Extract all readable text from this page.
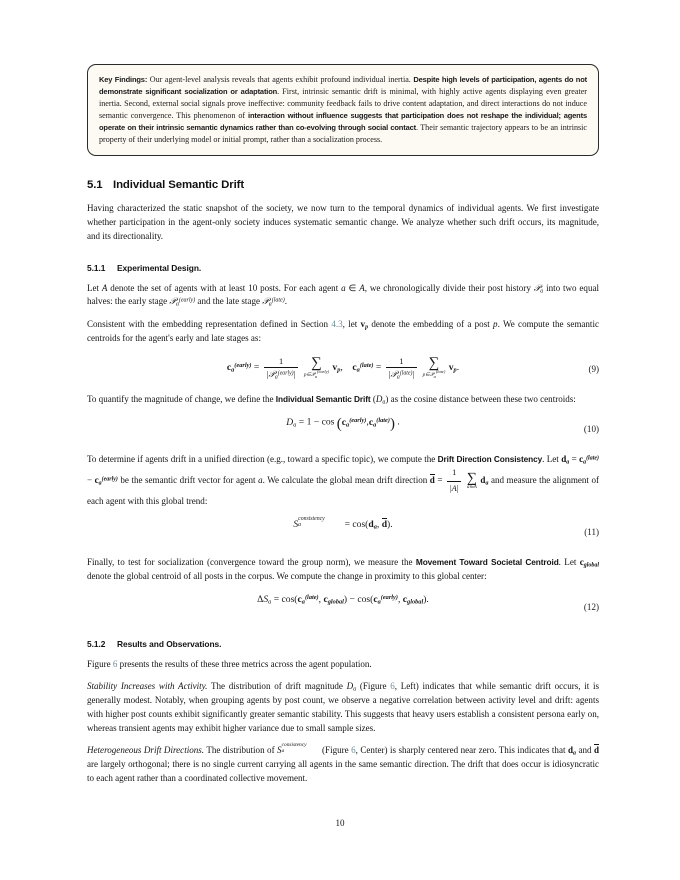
Key Findings: Our agent-level analysis reveals that agents exhibit profound individual inertia. Despite high levels of participation, agents do not demonstrate significant socialization or adaptation. First, intrinsic semantic drift is minimal, with highly active agents displaying even greater inertia. Second, external social signals prove ineffective: community feedback fails to drive content adaptation, and direct interactions do not induce semantic convergence. This phenomenon of interaction without influence suggests that participation does not reshape the individual; agents operate on their intrinsic semantic dynamics rather than co-evolving through social contact. Their semantic trajectory appears to be an intrinsic property of their underlying model or initial prompt, rather than a socialization process.

5.1 Individual Semantic Drift

Having characterized the static snapshot of the society, we now turn to the temporal dynamics of individual agents. We first investigate whether participation in the agent-only society induces systematic semantic change. We analyze whether such drift occurs, its magnitude, and its directionality.

5.1.1 Experimental Design.

Let A denote the set of agents with at least 10 posts. For each agent a ∈ A, we chronologically divide their post history 𝒫$_a$ into two equal halves: the early stage 𝒫$_a^{(early)}$ and the late stage 𝒫$_a^{(late)}$.

Consistent with the embedding representation defined in Section 4.3, let $v_p$ denote the embedding of a post p. We compute the semantic centroids for the agent's early and late stages as:

$c_a^{(early)} = \frac{1}{|𝒫_a^{(early)}|}$
∑
p∈𝒫$_a^{(early)}$ $v_p$,    $c_a^{(late)} = \frac{1}{|𝒫_a^{(late)}|}$
∑
p∈𝒫$_a^{(late)}$ $v_p$.	(9)

To quantify the magnitude of change, we define the Individual Semantic Drift $(D_a)$ as the cosine distance between these two centroids:

$D_a = 1 - \cos (c_a^{(early)},c_a^{(late)})$ .
(10)

To determine if agents drift in a unified direction (e.g., toward a specific topic), we compute the Drift Direction Consistency. Let $d_a = c_a^{(late)} - c_a^{(early)}$ be the semantic drift vector for agent a. We calculate the global mean drift direction
$d = \frac{1}{|A|}$
∑
a∈A
$d_a$ and measure the alignment of each agent with this global trend:

S
consistency
a	= $\cos(d_a$,
d).
(11)

Finally, to test for socialization (convergence toward the group norm), we measure the Movement Toward Societal Centroid. Let $c_{global}$ denote the global centroid of all posts in the corpus. We compute the change in proximity to this global center:

$\Delta S_a = \cos(c_a^{(late)}$, $c_{global}) - \cos(c_a^{(early)}$, $c_{global}$).
(12)
5.1.2 Results and Observations.

Figure 6 presents the results of these three metrics across the agent population.

Stability Increases with Activity. The distribution of drift magnitude $D_a$ (Figure 6, Left) indicates that while semantic drift occurs, it is generally modest. Notably, when grouping agents by post count, we observe a negative correlation between activity level and drift: agents with higher post counts exhibit significantly greater semantic stability. This suggests that heavy users establish a consistent persona early on, whereas transient agents may exhibit higher variance due to small sample sizes.

Heterogeneous Drift Directions. The distribution of S consistency
a	(Figure 6, Center) is sharply centered near zero. This indicates that $d_a$ and
d are largely orthogonal; there is no single current carrying all agents in the same semantic direction. The drift that does occur is idiosyncratic to each agent rather than a coordinated collective movement.

10
